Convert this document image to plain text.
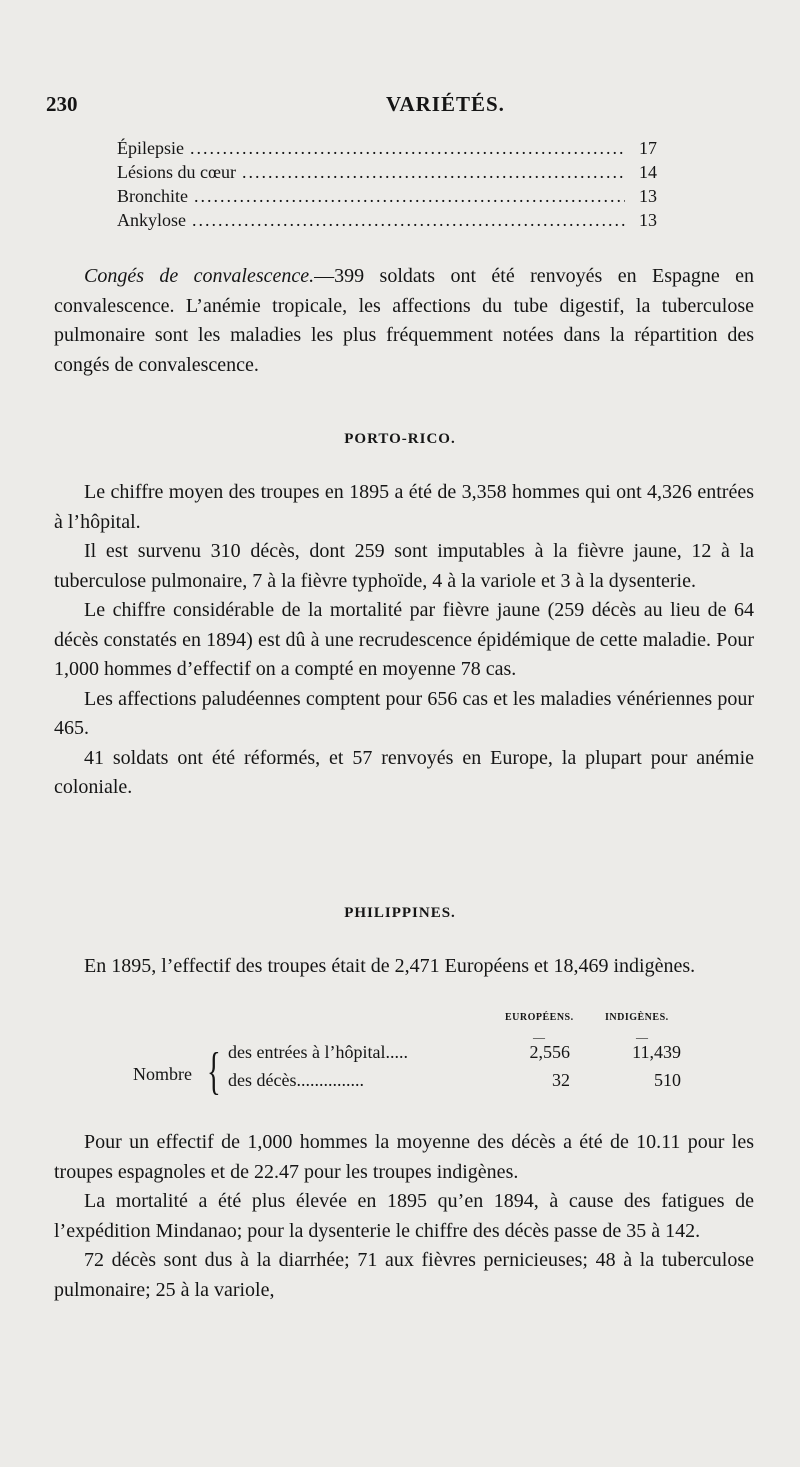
230	VARIÉTÉS.
Épilepsie .....	17
Lésions du cœur .....	14
Bronchite .....	13
Ankylose .....	13

Congés de convalescence.—399 soldats ont été renvoyés en Espagne en convalescence. L’anémie tropicale, les affections du tube digestif, la tuberculose pulmonaire sont les maladies les plus fréquemment notées dans la répartition des congés de convalescence.

PORTO-RICO.

Le chiffre moyen des troupes en 1895 a été de 3,358 hommes qui ont 4,326 entrées à l’hôpital.

Il est survenu 310 décès, dont 259 sont imputables à la fièvre jaune, 12 à la tuberculose pulmonaire, 7 à la fièvre typhoïde, 4 à la variole et 3 à la dysenterie.

Le chiffre considérable de la mortalité par fièvre jaune (259 décès au lieu de 64 décès constatés en 1894) est dû à une recrudescence épidémique de cette maladie. Pour 1,000 hommes d’effectif on a compté en moyenne 78 cas.

Les affections paludéennes comptent pour 656 cas et les maladies vénériennes pour 465.

41 soldats ont été réformés, et 57 renvoyés en Europe, la plupart pour anémie coloniale.

PHILIPPINES.

En 1895, l’effectif des troupes était de 2,471 Européens et 18,469 indigènes.

EUROPÉENS.	INDIGÈNES.
—	—
Nombre { des entrées à l’hôpital.....	2,556	11,439
des décès...............	32	510

Pour un effectif de 1,000 hommes la moyenne des décès a été de 10.11 pour les troupes espagnoles et de 22.47 pour les troupes indigènes.

La mortalité a été plus élevée en 1895 qu’en 1894, à cause des fatigues de l’expédition Mindanao; pour la dysenterie le chiffre des décès passe de 35 à 142.

72 décès sont dus à la diarrhée; 71 aux fièvres pernicieuses; 48 à la tuberculose pulmonaire; 25 à la variole,
